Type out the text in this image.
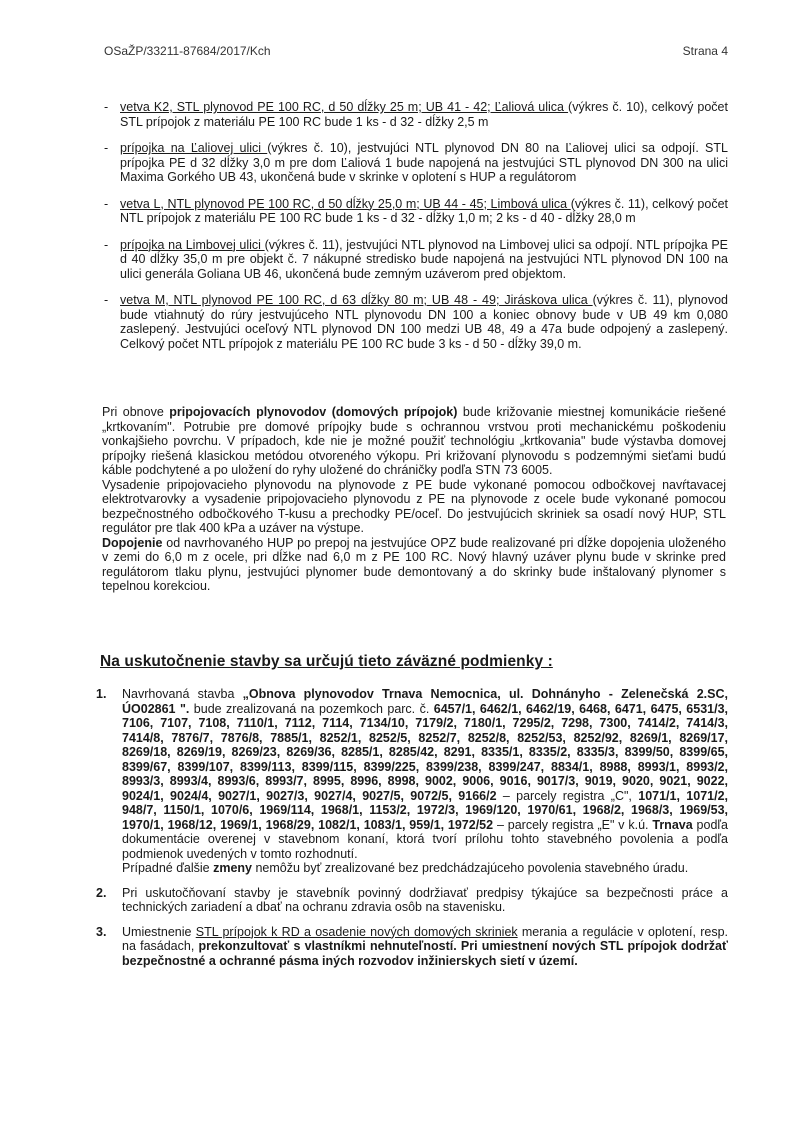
OSaŽP/33211-87684/2017/Kch	Strana 4
- vetva K2, STL plynovod PE 100 RC, d 50 dĺžky 25 m; UB 41 - 42; Ľaliová ulica (výkres č. 10), celkový počet STL prípojok z materiálu PE 100 RC bude 1 ks - d 32 - dĺžky 2,5 m
- prípojka na Ľaliovej ulici (výkres č. 10), jestvujúci NTL plynovod DN 80 na Ľaliovej ulici sa odpojí. STL prípojka PE d 32 dĺžky 3,0 m pre dom Ľaliová 1 bude napojená na jestvujúci STL plynovod DN 300 na ulici Maxima Gorkého UB 43, ukončená bude v skrinke v oplotení s HUP a regulátorom
- vetva L, NTL plynovod PE 100 RC, d 50 dĺžky 25,0 m; UB 44 - 45; Limbová ulica (výkres č. 11), celkový počet NTL prípojok z materiálu PE 100 RC bude 1 ks - d 32 - dĺžky 1,0 m; 2 ks - d 40 - dĺžky 28,0 m
- prípojka na Limbovej ulici (výkres č. 11), jestvujúci NTL plynovod na Limbovej ulici sa odpojí. NTL prípojka PE d 40 dĺžky 35,0 m pre objekt č. 7 nákupné stredisko bude napojená na jestvujúci NTL plynovod DN 100 na ulici generála Goliana UB 46, ukončená bude zemným uzáverom pred objektom.
- vetva M, NTL plynovod PE 100 RC, d 63 dĺžky 80 m; UB 48 - 49; Jiráskova ulica (výkres č. 11), plynovod bude vtiahnutý do rúry jestvujúceho NTL plynovodu DN 100 a koniec obnovy bude v UB 49 km 0,080 zaslepený. Jestvujúci oceľový NTL plynovod DN 100 medzi UB 48, 49 a 47a bude odpojený a zaslepený. Celkový počet NTL prípojok z materiálu PE 100 RC bude 3 ks - d 50 - dĺžky 39,0 m.

Pri obnove pripojovacích plynovodov (domových prípojok) bude križovanie miestnej komunikácie riešené „krtkovaním". Potrubie pre domové prípojky bude s ochrannou vrstvou proti mechanickému poškodeniu vonkajšieho povrchu. V prípadoch, kde nie je možné použiť technológiu „krtkovania" bude výstavba domovej prípojky riešená klasickou metódou otvoreného výkopu. Pri križovaní plynovodu s podzemnými sieťami budú káble podchytené a po uložení do ryhy uložené do chráničky podľa STN 73 6005.

Vysadenie pripojovacieho plynovodu na plynovode z PE bude vykonané pomocou odbočkovej navŕtavacej elektrotvarovky a vysadenie pripojovacieho plynovodu z PE na plynovode z ocele bude vykonané pomocou bezpečnostného odbočkového T-kusu a prechodky PE/oceľ. Do jestvujúcich skriniek sa osadí nový HUP, STL regulátor pre tlak 400 kPa a uzáver na výstupe.

Dopojenie od navrhovaného HUP po prepoj na jestvujúce OPZ bude realizované pri dĺžke dopojenia uloženého v zemi do 6,0 m z ocele, pri dĺžke nad 6,0 m z PE 100 RC. Nový hlavný uzáver plynu bude v skrinke pred regulátorom tlaku plynu, jestvujúci plynomer bude demontovaný a do skrinky bude inštalovaný plynomer s tepelnou korekciou.

Na uskutočnenie stavby sa určujú tieto záväzné podmienky :
1.	Navrhovaná stavba „Obnova plynovodov Trnava Nemocnica, ul. Dohnányho - Zelenečská 2.SC, ÚO02861 ". bude zrealizovaná na pozemkoch parc. č. 6457/1, 6462/1, 6462/19, 6468, 6471, 6475, 6531/3, 7106, 7107, 7108, 7110/1, 7112, 7114, 7134/10, 7179/2, 7180/1, 7295/2, 7298, 7300, 7414/2, 7414/3, 7414/8, 7876/7, 7876/8, 7885/1, 8252/1, 8252/5, 8252/7, 8252/8, 8252/53, 8252/92, 8269/1, 8269/17, 8269/18, 8269/19, 8269/23, 8269/36, 8285/1, 8285/42, 8291, 8335/1, 8335/2, 8335/3, 8399/50, 8399/65, 8399/67, 8399/107, 8399/113, 8399/115, 8399/225, 8399/238, 8399/247, 8834/1, 8988, 8993/1, 8993/2, 8993/3, 8993/4, 8993/6, 8993/7, 8995, 8996, 8998, 9002, 9006, 9016, 9017/3, 9019, 9020, 9021, 9022, 9024/1, 9024/4, 9027/1, 9027/3, 9027/4, 9027/5, 9072/5, 9166/2 – parcely registra „C", 1071/1, 1071/2, 948/7, 1150/1, 1070/6, 1969/114, 1968/1, 1153/2, 1972/3, 1969/120, 1970/61, 1968/2, 1968/3, 1969/53, 1970/1, 1968/12, 1969/1, 1968/29, 1082/1, 1083/1, 959/1, 1972/52 – parcely registra „E" v k.ú. Trnava podľa dokumentácie overenej v stavebnom konaní, ktorá tvorí prílohu tohto stavebného povolenia a podľa podmienok uvedených v tomto rozhodnutí.

Prípadné ďalšie zmeny nemôžu byť zrealizované bez predchádzajúceho povolenia stavebného úradu.

2.	Pri uskutočňovaní stavby je stavebník povinný dodržiavať predpisy týkajúce sa bezpečnosti práce a technických zariadení a dbať na ochranu zdravia osôb na stavenisku.

3.	Umiestnenie STL prípojok k RD a osadenie nových domových skriniek merania a regulácie v oplotení, resp. na fasádach, prekonzultovať s vlastníkmi nehnuteľností. Pri umiestnení nových STL prípojok dodržať bezpečnostné a ochranné pásma iných rozvodov inžinierskych sietí v území.
